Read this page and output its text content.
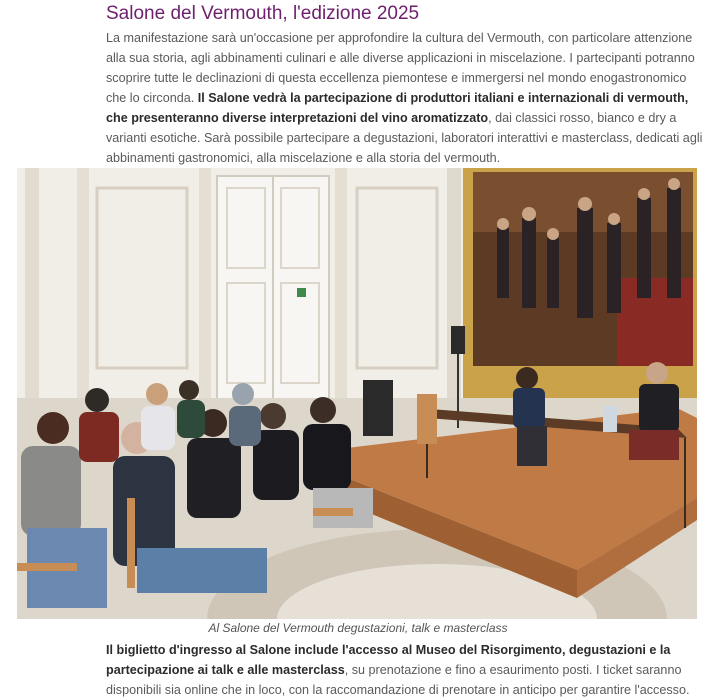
Salone del Vermouth, l'edizione 2025

La manifestazione sarà un'occasione per approfondire la cultura del Vermouth, con particolare attenzione alla sua storia, agli abbinamenti culinari e alle diverse applicazioni in miscelazione. I partecipanti potranno scoprire tutte le declinazioni di questa eccellenza piemontese e immergersi nel mondo enogastronomico che lo circonda. Il Salone vedrà la partecipazione di produttori italiani e internazionali di vermouth, che presenteranno diverse interpretazioni del vino aromatizzato, dai classici rosso, bianco e dry a varianti esotiche. Sarà possibile partecipare a degustazioni, laboratori interattivi e masterclass, dedicati agli abbinamenti gastronomici, alla miscelazione e alla storia del vermouth.

Al Salone del Vermouth degustazioni, talk e masterclass

Il biglietto d'ingresso al Salone include l'accesso al Museo del Risorgimento, degustazioni e la partecipazione ai talk e alle masterclass, su prenotazione e fino a esaurimento posti. I ticket saranno disponibili sia online che in loco, con la raccomandazione di prenotare in anticipo per garantire l'accesso.
